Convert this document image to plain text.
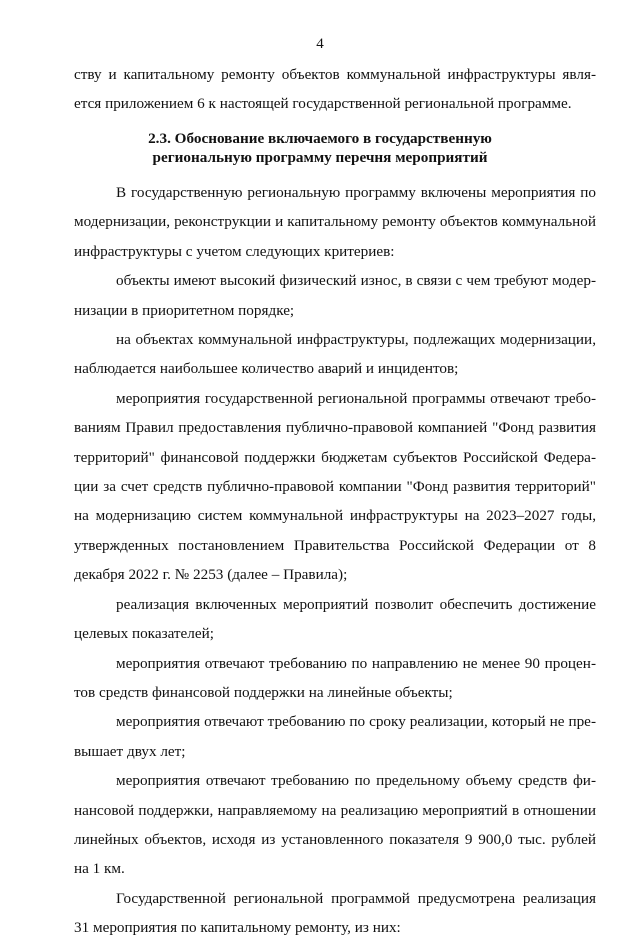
4

ству и капитальному ремонту объектов коммунальной инфраструктуры является приложением 6 к настоящей государственной региональной программе.

2.3. Обоснование включаемого в государственную
региональную программу перечня мероприятий

В государственную региональную программу включены мероприятия по модернизации, реконструкции и капитальному ремонту объектов коммунальной инфраструктуры с учетом следующих критериев:

объекты имеют высокий физический износ, в связи с чем требуют модернизации в приоритетном порядке;

на объектах коммунальной инфраструктуры, подлежащих модернизации, наблюдается наибольшее количество аварий и инцидентов;

мероприятия государственной региональной программы отвечают требованиям Правил предоставления публично-правовой компанией "Фонд развития территорий" финансовой поддержки бюджетам субъектов Российской Федерации за счет средств публично-правовой компании "Фонд развития территорий" на модернизацию систем коммунальной инфраструктуры на 2023–2027 годы, утвержденных постановлением Правительства Российской Федерации от 8 декабря 2022 г. № 2253 (далее – Правила);

реализация включенных мероприятий позволит обеспечить достижение целевых показателей;

мероприятия отвечают требованию по направлению не менее 90 процентов средств финансовой поддержки на линейные объекты;

мероприятия отвечают требованию по сроку реализации, который не превышает двух лет;

мероприятия отвечают требованию по предельному объему средств финансовой поддержки, направляемому на реализацию мероприятий в отношении линейных объектов, исходя из установленного показателя 9 900,0 тыс. рублей на 1 км.

Государственной региональной программой предусмотрена реализация 31 мероприятия по капитальному ремонту, из них:
